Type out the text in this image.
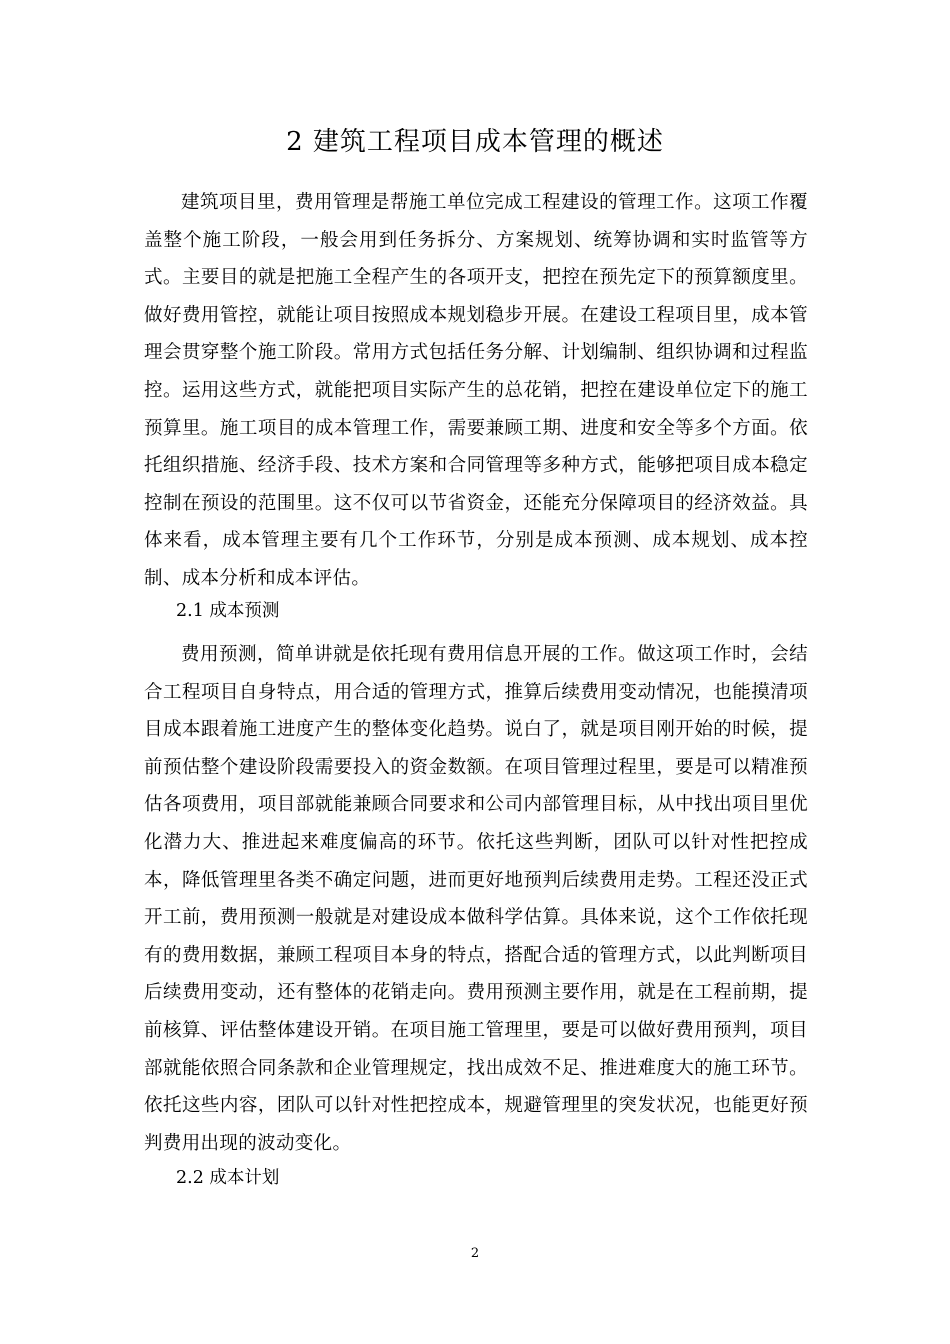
2 建筑工程项目成本管理的概述

建筑项目里，费用管理是帮施工单位完成工程建设的管理工作。这项工作覆盖整个施工阶段，一般会用到任务拆分、方案规划、统筹协调和实时监管等方式。主要目的就是把施工全程产生的各项开支，把控在预先定下的预算额度里。做好费用管控，就能让项目按照成本规划稳步开展。在建设工程项目里，成本管理会贯穿整个施工阶段。常用方式包括任务分解、计划编制、组织协调和过程监控。运用这些方式，就能把项目实际产生的总花销，把控在建设单位定下的施工预算里。施工项目的成本管理工作，需要兼顾工期、进度和安全等多个方面。依托组织措施、经济手段、技术方案和合同管理等多种方式，能够把项目成本稳定控制在预设的范围里。这不仅可以节省资金，还能充分保障项目的经济效益。具体来看，成本管理主要有几个工作环节，分别是成本预测、成本规划、成本控制、成本分析和成本评估。

2.1 成本预测

费用预测，简单讲就是依托现有费用信息开展的工作。做这项工作时，会结合工程项目自身特点，用合适的管理方式，推算后续费用变动情况，也能摸清项目成本跟着施工进度产生的整体变化趋势。说白了，就是项目刚开始的时候，提前预估整个建设阶段需要投入的资金数额。在项目管理过程里，要是可以精准预估各项费用，项目部就能兼顾合同要求和公司内部管理目标，从中找出项目里优化潜力大、推进起来难度偏高的环节。依托这些判断，团队可以针对性把控成本，降低管理里各类不确定问题，进而更好地预判后续费用走势。工程还没正式开工前，费用预测一般就是对建设成本做科学估算。具体来说，这个工作依托现有的费用数据，兼顾工程项目本身的特点，搭配合适的管理方式，以此判断项目后续费用变动，还有整体的花销走向。费用预测主要作用，就是在工程前期，提前核算、评估整体建设开销。在项目施工管理里，要是可以做好费用预判，项目部就能依照合同条款和企业管理规定，找出成效不足、推进难度大的施工环节。依托这些内容，团队可以针对性把控成本，规避管理里的突发状况，也能更好预判费用出现的波动变化。

2.2 成本计划
2
